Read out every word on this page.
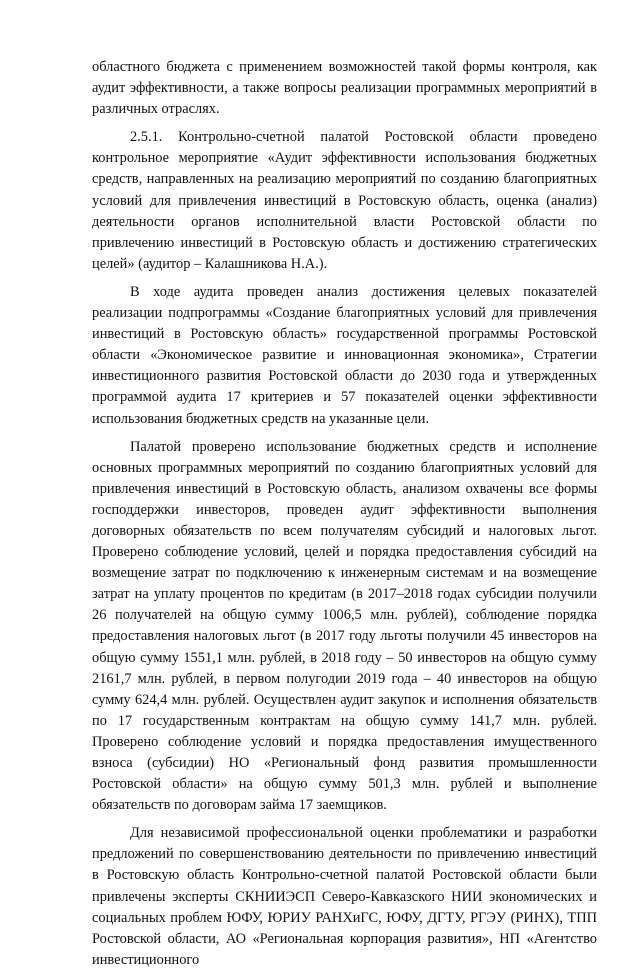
областного бюджета с применением возможностей такой формы контроля, как аудит эффективности, а также вопросы реализации программных мероприятий в различных отраслях.

2.5.1. Контрольно-счетной палатой Ростовской области проведено контрольное мероприятие «Аудит эффективности использования бюджетных средств, направленных на реализацию мероприятий по созданию благоприятных условий для привлечения инвестиций в Ростовскую область, оценка (анализ) деятельности органов исполнительной власти Ростовской области по привлечению инвестиций в Ростовскую область и достижению стратегических целей» (аудитор – Калашникова Н.А.).

В ходе аудита проведен анализ достижения целевых показателей реализации подпрограммы «Создание благоприятных условий для привлечения инвестиций в Ростовскую область» государственной программы Ростовской области «Экономическое развитие и инновационная экономика», Стратегии инвестиционного развития Ростовской области до 2030 года и утвержденных программой аудита 17 критериев и 57 показателей оценки эффективности использования бюджетных средств на указанные цели.

Палатой проверено использование бюджетных средств и исполнение основных программных мероприятий по созданию благоприятных условий для привлечения инвестиций в Ростовскую область, анализом охвачены все формы господдержки инвесторов, проведен аудит эффективности выполнения договорных обязательств по всем получателям субсидий и налоговых льгот. Проверено соблюдение условий, целей и порядка предоставления субсидий на возмещение затрат по подключению к инженерным системам и на возмещение затрат на уплату процентов по кредитам (в 2017–2018 годах субсидии получили 26 получателей на общую сумму 1006,5 млн. рублей), соблюдение порядка предоставления налоговых льгот (в 2017 году льготы получили 45 инвесторов на общую сумму 1551,1 млн. рублей, в 2018 году – 50 инвесторов на общую сумму 2161,7 млн. рублей, в первом полугодии 2019 года – 40 инвесторов на общую сумму 624,4 млн. рублей. Осуществлен аудит закупок и исполнения обязательств по 17 государственным контрактам на общую сумму 141,7 млн. рублей. Проверено соблюдение условий и порядка предоставления имущественного взноса (субсидии) НО «Региональный фонд развития промышленности Ростовской области» на общую сумму 501,3 млн. рублей и выполнение обязательств по договорам займа 17 заемщиков.

Для независимой профессиональной оценки проблематики и разработки предложений по совершенствованию деятельности по привлечению инвестиций в Ростовскую область Контрольно-счетной палатой Ростовской области были привлечены эксперты СКНИИЭСП Северо-Кавказского НИИ экономических и социальных проблем ЮФУ, ЮРИУ РАНХиГС, ЮФУ, ДГТУ, РГЭУ (РИНХ), ТПП Ростовской области, АО «Региональная корпорация развития», НП «Агентство инвестиционного
